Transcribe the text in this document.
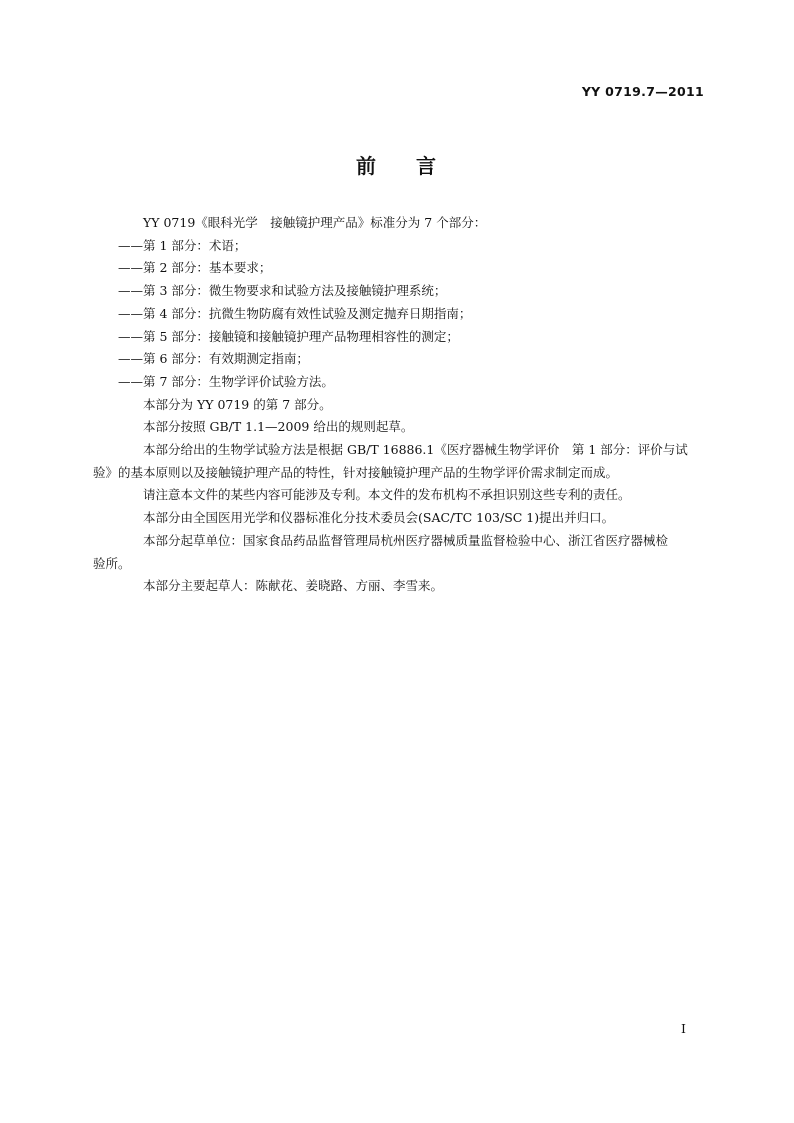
YY 0719.7—2011
前 言

YY 0719《眼科光学　接触镜护理产品》标准分为 7 个部分：

——第 1 部分：术语；

——第 2 部分：基本要求；

——第 3 部分：微生物要求和试验方法及接触镜护理系统；

——第 4 部分：抗微生物防腐有效性试验及测定抛弃日期指南；

——第 5 部分：接触镜和接触镜护理产品物理相容性的测定；

——第 6 部分：有效期测定指南；

——第 7 部分：生物学评价试验方法。

本部分为 YY 0719 的第 7 部分。

本部分按照 GB/T 1.1—2009 给出的规则起草。

本部分给出的生物学试验方法是根据 GB/T 16886.1《医疗器械生物学评价　第 1 部分：评价与试
验》的基本原则以及接触镜护理产品的特性，针对接触镜护理产品的生物学评价需求制定而成。

请注意本文件的某些内容可能涉及专利。本文件的发布机构不承担识别这些专利的责任。

本部分由全国医用光学和仪器标准化分技术委员会(SAC/TC 103/SC 1)提出并归口。

本部分起草单位：国家食品药品监督管理局杭州医疗器械质量监督检验中心、浙江省医疗器械检
验所。

本部分主要起草人：陈献花、姜晓路、方丽、李雪来。

I
